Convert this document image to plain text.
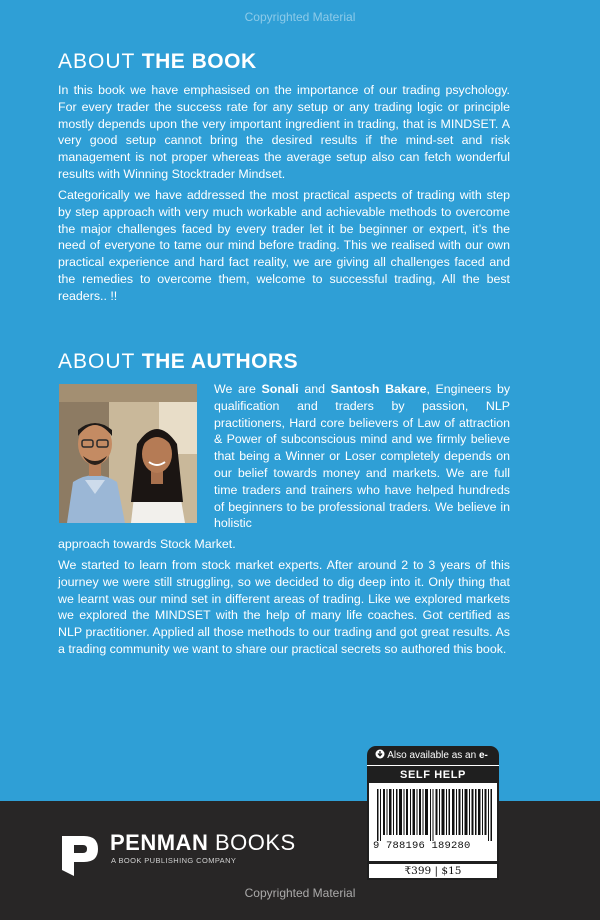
Copyrighted Material
ABOUT THE BOOK

In this book we have emphasised on the importance of our trading psychology. For every trader the success rate for any setup or any trading logic or principle mostly depends upon the very important ingredient in trading, that is MINDSET. A very good setup cannot bring the desired results if the mind-set and risk management is not proper whereas the average setup also can fetch wonderful results with Winning Stocktrader Mindset.

Categorically we have addressed the most practical aspects of trading with step by step approach with very much workable and achievable methods to overcome the major challenges faced by every trader let it be beginner or expert, it’s the need of everyone to tame our mind before trading. This we realised with our own practical experience and hard fact reality, we are giving all challenges faced and the remedies to overcome them, welcome to successful trading, All the best readers.. !!

ABOUT THE AUTHORS

We are Sonali and Santosh Bakare, Engineers by qualification and traders by passion, NLP practitioners, Hard core believers of Law of attraction & Power of subconscious mind and we firmly believe that being a Winner or Loser completely depends on our belief towards money and markets. We are full time traders and trainers who have helped hundreds of beginners to be professional traders. We believe in holistic

approach towards Stock Market.

We started to learn from stock market experts. After around 2 to 3 years of this journey we were still struggling, so we decided to dig deep into it. Only thing that we learnt was our mind set in different areas of trading. Like we explored markets we explored the MINDSET with the help of many life coaches. Got certified as NLP practitioner. Applied all those methods to our trading and got great results. As a trading community we want to share our practical secrets so authored this book.

PENMAN BOOKS
A BOOK PUBLISHING COMPANY
Copyrighted Material
Also available as an e-
SELF HELP
9 788196 189280
₹399 | $15
